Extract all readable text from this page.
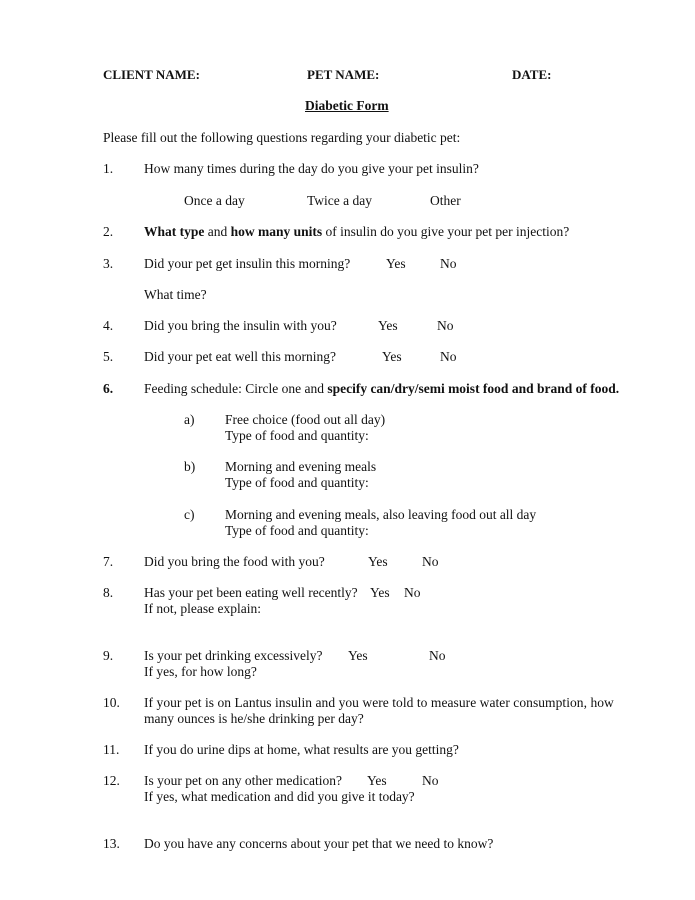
CLIENT NAME:	PET NAME:	DATE:
Diabetic Form
Please fill out the following questions regarding your diabetic pet:
1. How many times during the day do you give your pet insulin?
Once a day	Twice a day	Other
2. What type and how many units of insulin do you give your pet per injection?
3. Did your pet get insulin this morning?	Yes	No
What time?
4. Did you bring the insulin with you?	Yes	No
5. Did your pet eat well this morning?	Yes	No
6. Feeding schedule: Circle one and specify can/dry/semi moist food and brand of food.
a) Free choice (food out all day)
Type of food and quantity:
b) Morning and evening meals
Type of food and quantity:
c) Morning and evening meals, also leaving food out all day
Type of food and quantity:
7. Did you bring the food with you?	Yes	No
8. Has your pet been eating well recently? Yes No
If not, please explain:
9. Is your pet drinking excessively? Yes	No
If yes, for how long?
10. If your pet is on Lantus insulin and you were told to measure water consumption, how
many ounces is he/she drinking per day?
11. If you do urine dips at home, what results are you getting?
12. Is your pet on any other medication? Yes	No
If yes, what medication and did you give it today?
13. Do you have any concerns about your pet that we need to know?
